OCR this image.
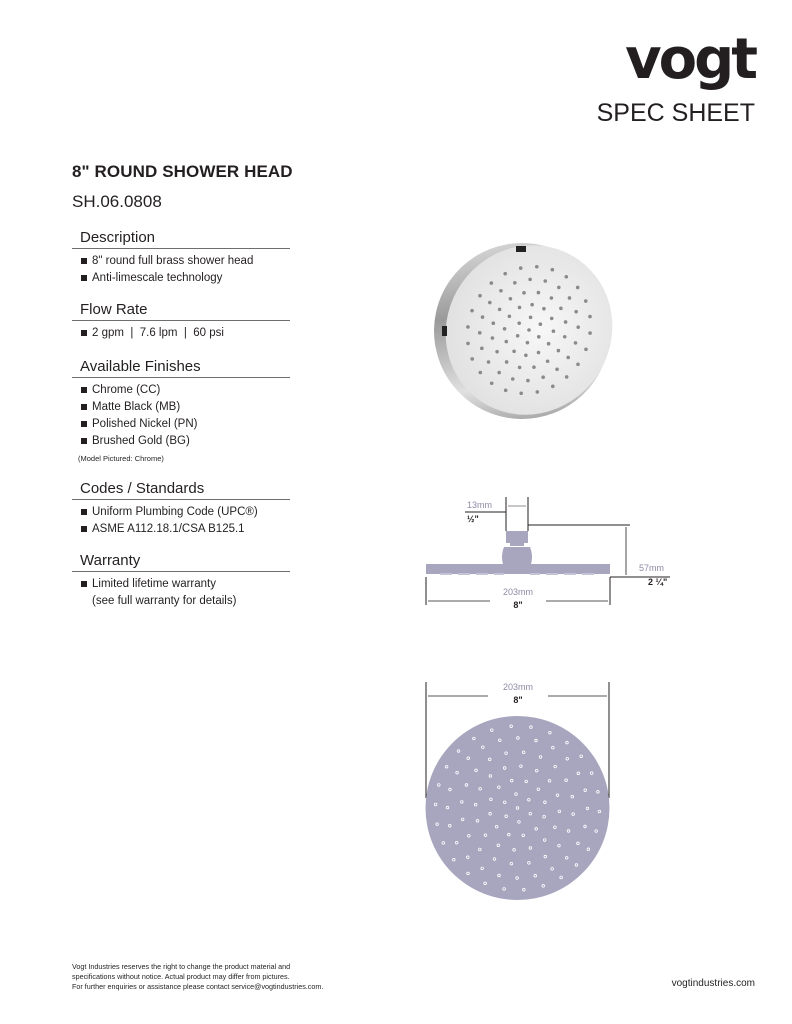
vogt
SPEC SHEET
8" ROUND SHOWER HEAD
SH.06.0808
Description
8" round full brass shower head
Anti-limescale technology
Flow Rate
2 gpm  |  7.6 lpm  |  60 psi
Available Finishes
Chrome (CC)
Matte Black (MB)
Polished Nickel (PN)
Brushed Gold (BG)
(Model Pictured: Chrome)
Codes / Standards
Uniform Plumbing Code (UPC®)
ASME A112.18.1/CSA B125.1
Warranty
Limited lifetime warranty
(see full warranty for details)
13mm
½"
57mm
2 ¼"
203mm
8"
203mm
8"
Vogt Industries reserves the right to change the product material and
specifications without notice. Actual product may differ from pictures.
For further enquiries or assistance please contact service@vogtindustries.com.	vogtindustries.com
